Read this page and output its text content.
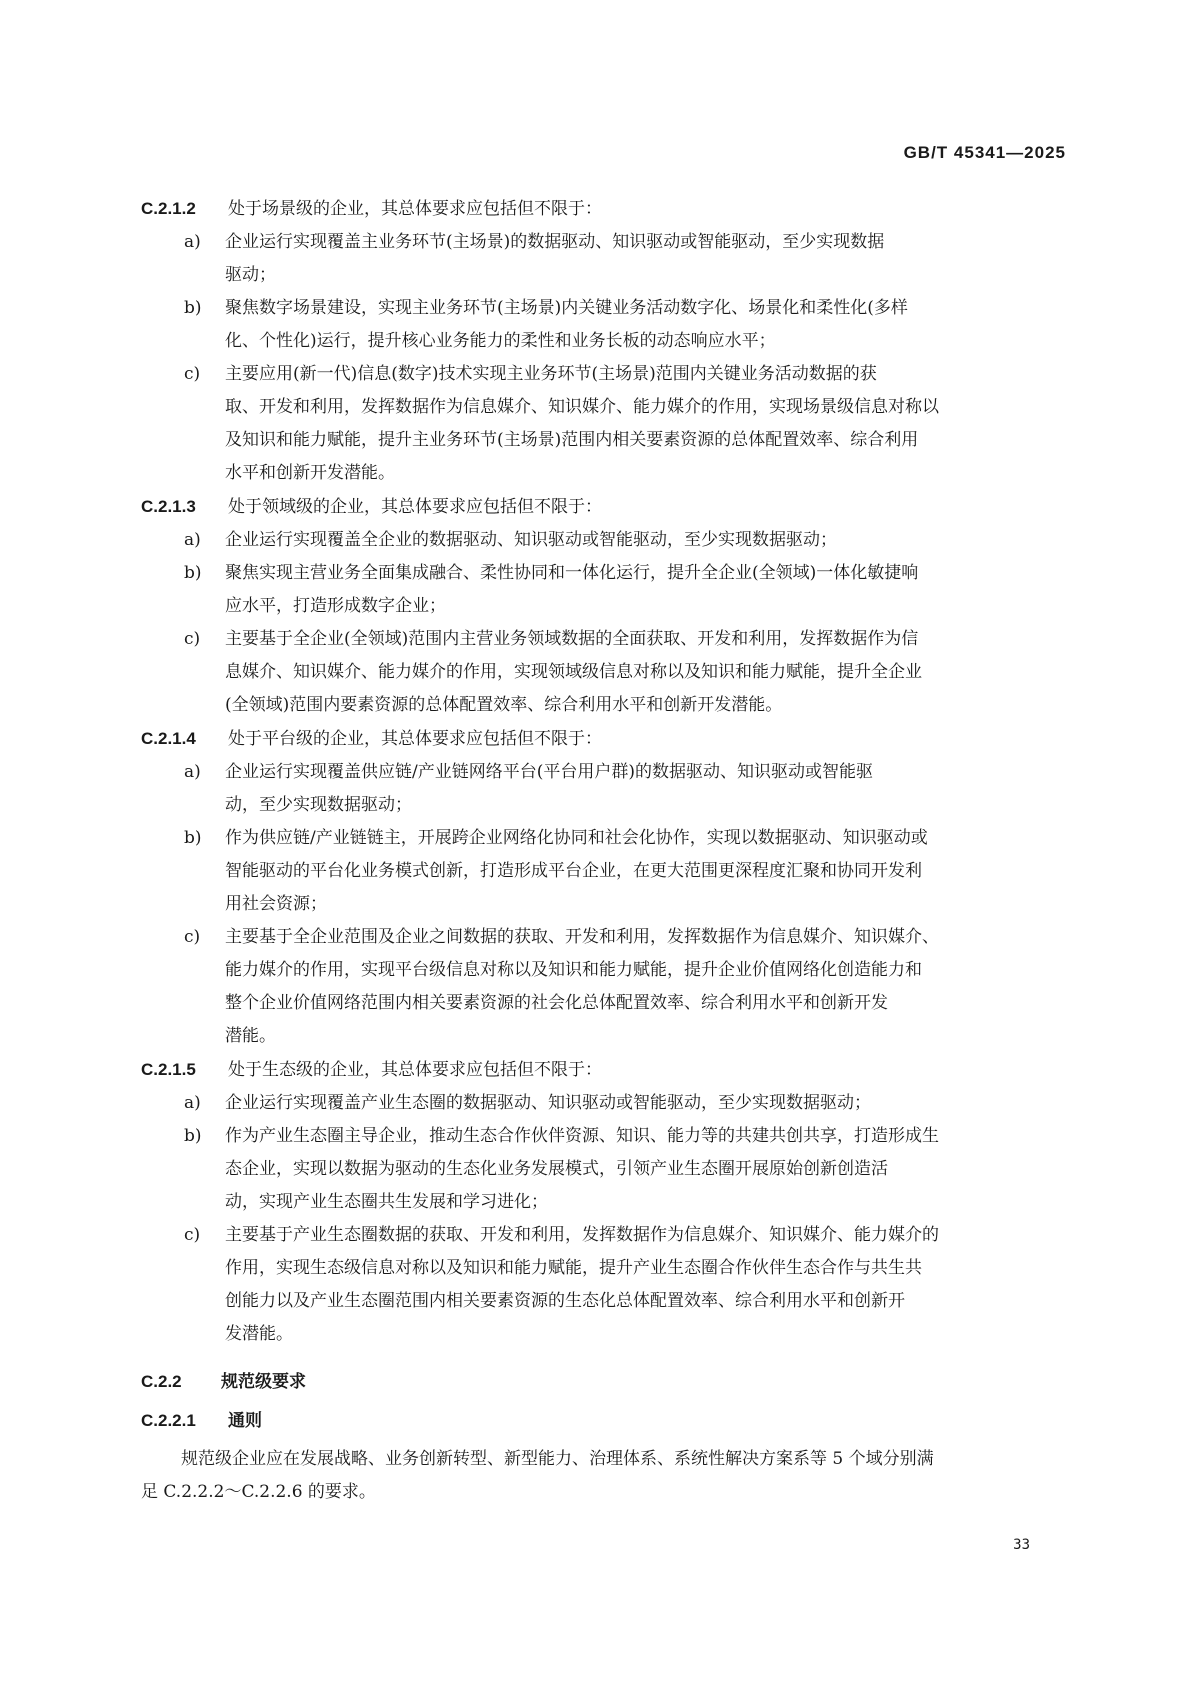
GB/T 45341—2025
C.2.1.2 处于场景级的企业，其总体要求应包括但不限于：
a) 企业运行实现覆盖主业务环节(主场景)的数据驱动、知识驱动或智能驱动，至少实现数据
驱动；
b) 聚焦数字场景建设，实现主业务环节(主场景)内关键业务活动数字化、场景化和柔性化(多样
化、个性化)运行，提升核心业务能力的柔性和业务长板的动态响应水平；
c) 主要应用(新一代)信息(数字)技术实现主业务环节(主场景)范围内关键业务活动数据的获
取、开发和利用，发挥数据作为信息媒介、知识媒介、能力媒介的作用，实现场景级信息对称以
及知识和能力赋能，提升主业务环节(主场景)范围内相关要素资源的总体配置效率、综合利用
水平和创新开发潜能。
C.2.1.3 处于领域级的企业，其总体要求应包括但不限于：
a) 企业运行实现覆盖全企业的数据驱动、知识驱动或智能驱动，至少实现数据驱动；
b) 聚焦实现主营业务全面集成融合、柔性协同和一体化运行，提升全企业(全领域)一体化敏捷响
应水平，打造形成数字企业；
c) 主要基于全企业(全领域)范围内主营业务领域数据的全面获取、开发和利用，发挥数据作为信
息媒介、知识媒介、能力媒介的作用，实现领域级信息对称以及知识和能力赋能，提升全企业
(全领域)范围内要素资源的总体配置效率、综合利用水平和创新开发潜能。
C.2.1.4 处于平台级的企业，其总体要求应包括但不限于：
a) 企业运行实现覆盖供应链/产业链网络平台(平台用户群)的数据驱动、知识驱动或智能驱
动，至少实现数据驱动；
b) 作为供应链/产业链链主，开展跨企业网络化协同和社会化协作，实现以数据驱动、知识驱动或
智能驱动的平台化业务模式创新，打造形成平台企业，在更大范围更深程度汇聚和协同开发利
用社会资源；
c) 主要基于全企业范围及企业之间数据的获取、开发和利用，发挥数据作为信息媒介、知识媒介、
能力媒介的作用，实现平台级信息对称以及知识和能力赋能，提升企业价值网络化创造能力和
整个企业价值网络范围内相关要素资源的社会化总体配置效率、综合利用水平和创新开发
潜能。
C.2.1.5 处于生态级的企业，其总体要求应包括但不限于：
a) 企业运行实现覆盖产业生态圈的数据驱动、知识驱动或智能驱动，至少实现数据驱动；
b) 作为产业生态圈主导企业，推动生态合作伙伴资源、知识、能力等的共建共创共享，打造形成生
态企业，实现以数据为驱动的生态化业务发展模式，引领产业生态圈开展原始创新创造活
动，实现产业生态圈共生发展和学习进化；
c) 主要基于产业生态圈数据的获取、开发和利用，发挥数据作为信息媒介、知识媒介、能力媒介的
作用，实现生态级信息对称以及知识和能力赋能，提升产业生态圈合作伙伴生态合作与共生共
创能力以及产业生态圈范围内相关要素资源的生态化总体配置效率、综合利用水平和创新开
发潜能。
C.2.2 规范级要求
C.2.2.1 通则
规范级企业应在发展战略、业务创新转型、新型能力、治理体系、系统性解决方案系等 5 个域分别满
足 C.2.2.2～C.2.2.6 的要求。
33
